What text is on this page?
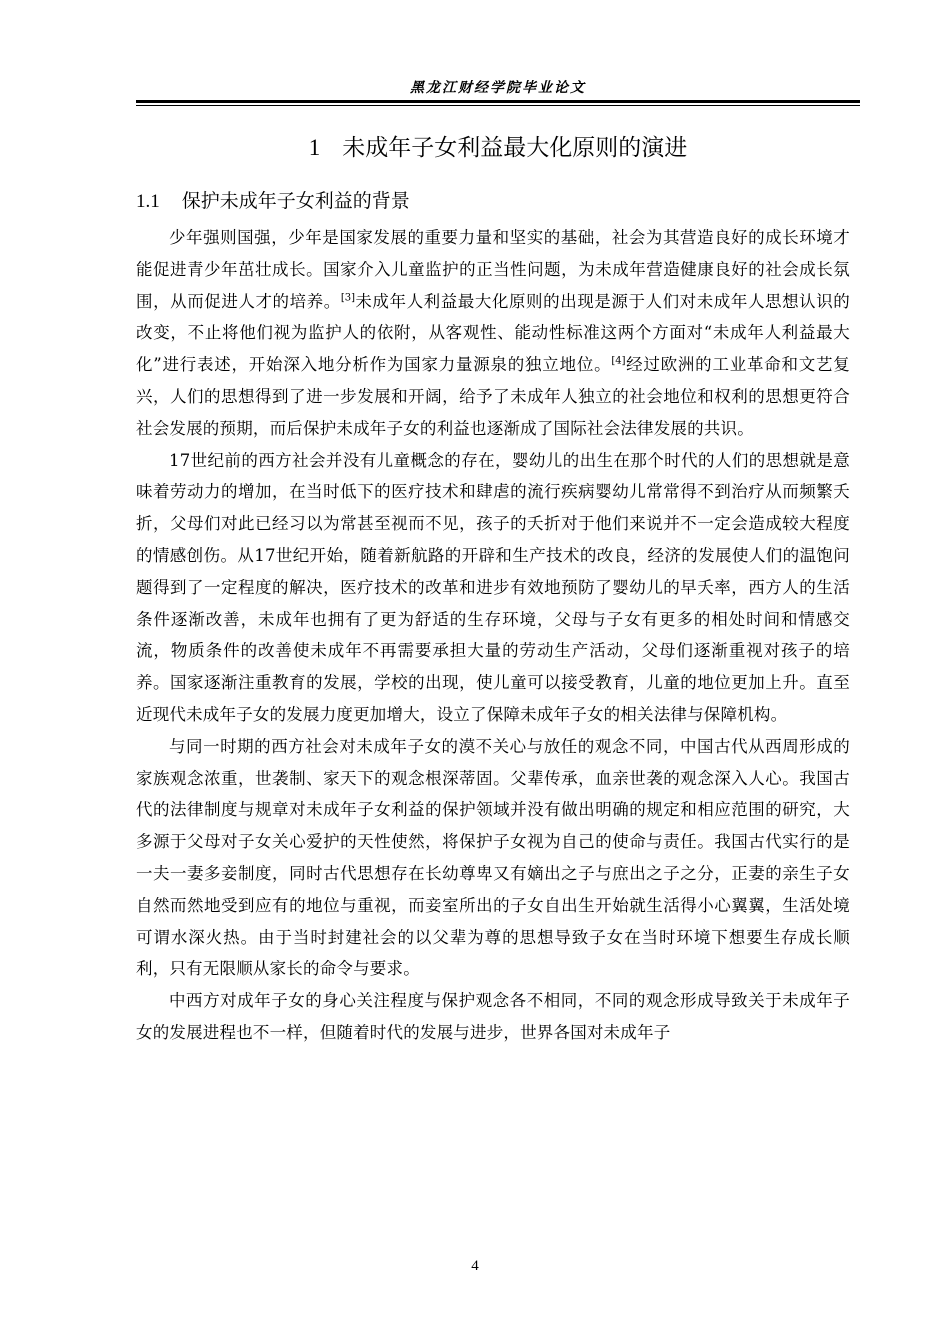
黑龙江财经学院毕业论文
1 未成年子女利益最大化原则的演进
1.1 保护未成年子女利益的背景

少年强则国强，少年是国家发展的重要力量和坚实的基础，社会为其营造良好的成长环境才能促进青少年茁壮成长。国家介入儿童监护的正当性问题，为未成年营造健康良好的社会成长氛围，从而促进人才的培养。[3]未成年人利益最大化原则的出现是源于人们对未成年人思想认识的改变，不止将他们视为监护人的依附，从客观性、能动性标准这两个方面对“未成年人利益最大化”进行表述，开始深入地分析作为国家力量源泉的独立地位。[4]经过欧洲的工业革命和文艺复兴，人们的思想得到了进一步发展和开阔，给予了未成年人独立的社会地位和权利的思想更符合社会发展的预期，而后保护未成年子女的利益也逐渐成了国际社会法律发展的共识。

17世纪前的西方社会并没有儿童概念的存在，婴幼儿的出生在那个时代的人们的思想就是意味着劳动力的增加，在当时低下的医疗技术和肆虐的流行疾病婴幼儿常常得不到治疗从而频繁夭折，父母们对此已经习以为常甚至视而不见，孩子的夭折对于他们来说并不一定会造成较大程度的情感创伤。从17世纪开始，随着新航路的开辟和生产技术的改良，经济的发展使人们的温饱问题得到了一定程度的解决，医疗技术的改革和进步有效地预防了婴幼儿的早夭率，西方人的生活条件逐渐改善，未成年也拥有了更为舒适的生存环境，父母与子女有更多的相处时间和情感交流，物质条件的改善使未成年不再需要承担大量的劳动生产活动，父母们逐渐重视对孩子的培养。国家逐渐注重教育的发展，学校的出现，使儿童可以接受教育，儿童的地位更加上升。直至近现代未成年子女的发展力度更加增大，设立了保障未成年子女的相关法律与保障机构。

与同一时期的西方社会对未成年子女的漠不关心与放任的观念不同，中国古代从西周形成的家族观念浓重，世袭制、家天下的观念根深蒂固。父辈传承，血亲世袭的观念深入人心。我国古代的法律制度与规章对未成年子女利益的保护领域并没有做出明确的规定和相应范围的研究，大多源于父母对子女关心爱护的天性使然，将保护子女视为自己的使命与责任。我国古代实行的是一夫一妻多妾制度，同时古代思想存在长幼尊卑又有嫡出之子与庶出之子之分，正妻的亲生子女自然而然地受到应有的地位与重视，而妾室所出的子女自出生开始就生活得小心翼翼，生活处境可谓水深火热。由于当时封建社会的以父辈为尊的思想导致子女在当时环境下想要生存成长顺利，只有无限顺从家长的命令与要求。

中西方对成年子女的身心关注程度与保护观念各不相同，不同的观念形成导致关于未成年子女的发展进程也不一样，但随着时代的发展与进步，世界各国对未成年子

4
